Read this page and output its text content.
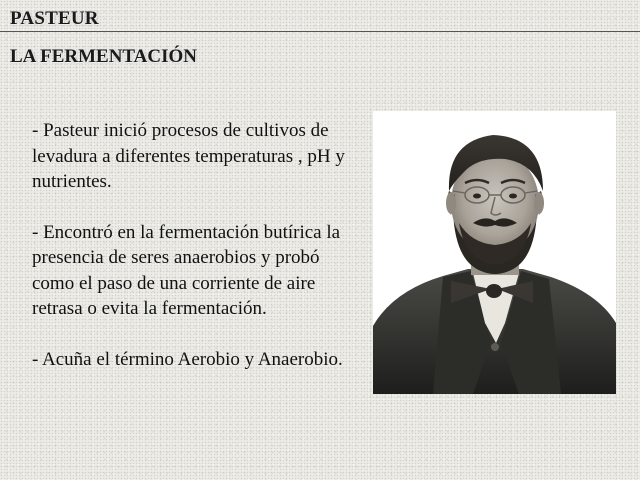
PASTEUR
LA FERMENTACIÓN

- Pasteur inició procesos de cultivos de levadura a diferentes temperaturas , pH y nutrientes.

- Encontró en la fermentación butírica la presencia de seres anaerobios y probó como el paso de una corriente de aire retrasa o evita la fermentación.

- Acuña el término Aerobio y Anaerobio.
